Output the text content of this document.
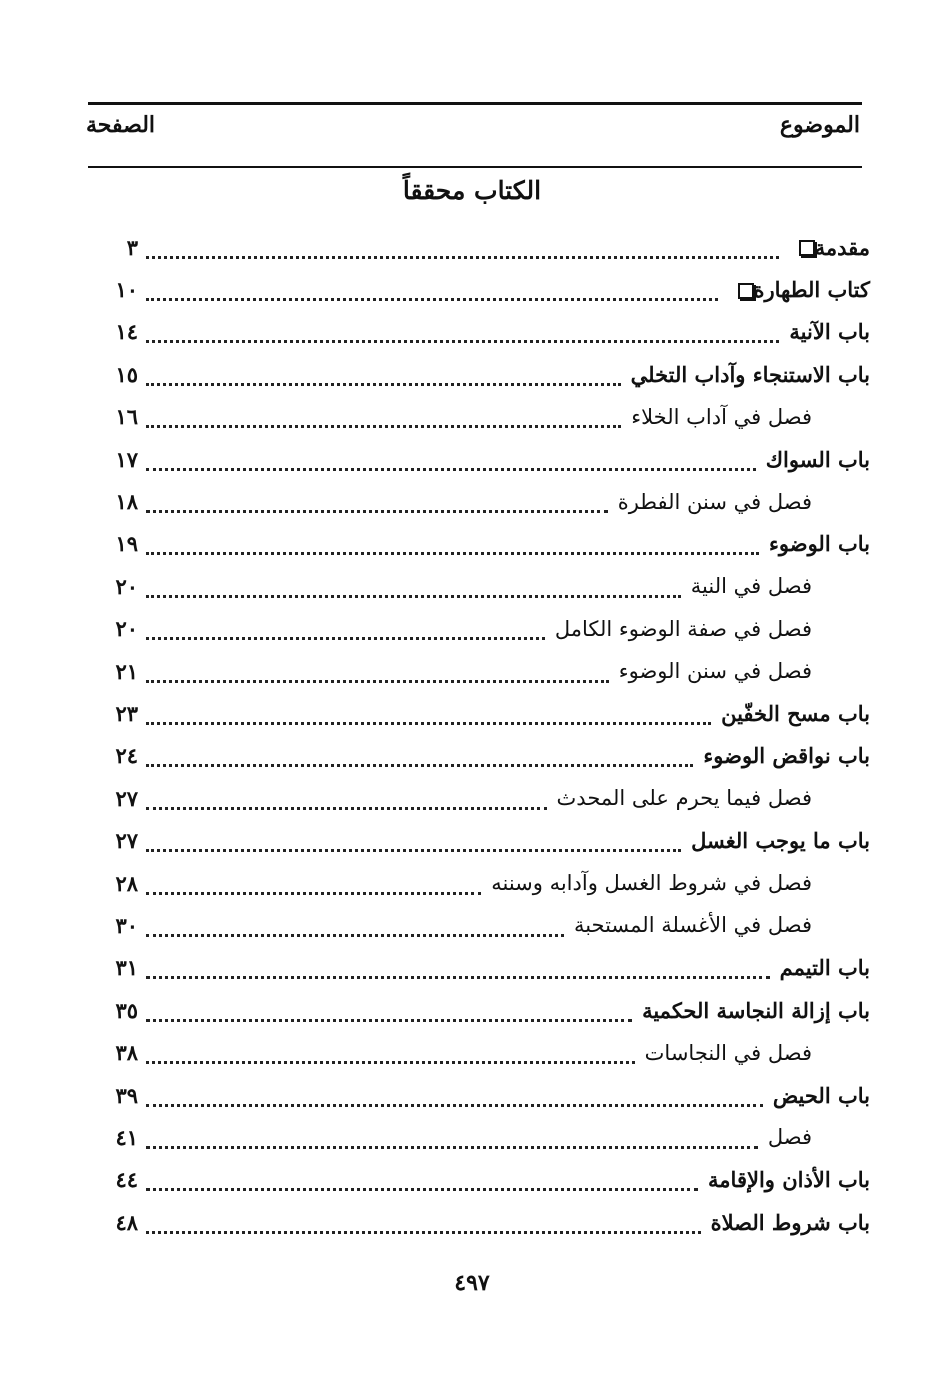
الموضوع
الصفحة
الكتاب محققاً
مقدمة
٣
كتاب الطهارة
١٠
باب الآنية
١٤
باب الاستنجاء وآداب التخلي
١٥
فصل في آداب الخلاء
١٦
باب السواك
١٧
فصل في سنن الفطرة
١٨
باب الوضوء
١٩
فصل في النية
٢٠
فصل في صفة الوضوء الكامل
٢٠
فصل في سنن الوضوء
٢١
باب مسح الخفّين
٢٣
باب نواقض الوضوء
٢٤
فصل فيما يحرم على المحدث
٢٧
باب ما يوجب الغسل
٢٧
فصل في شروط الغسل وآدابه وسننه
٢٨
فصل في الأغسلة المستحبة
٣٠
باب التيمم
٣١
باب إزالة النجاسة الحكمية
٣٥
فصل في النجاسات
٣٨
باب الحيض
٣٩
فصل
٤١
باب الأذان والإقامة
٤٤
باب شروط الصلاة
٤٨
٤٩٧
